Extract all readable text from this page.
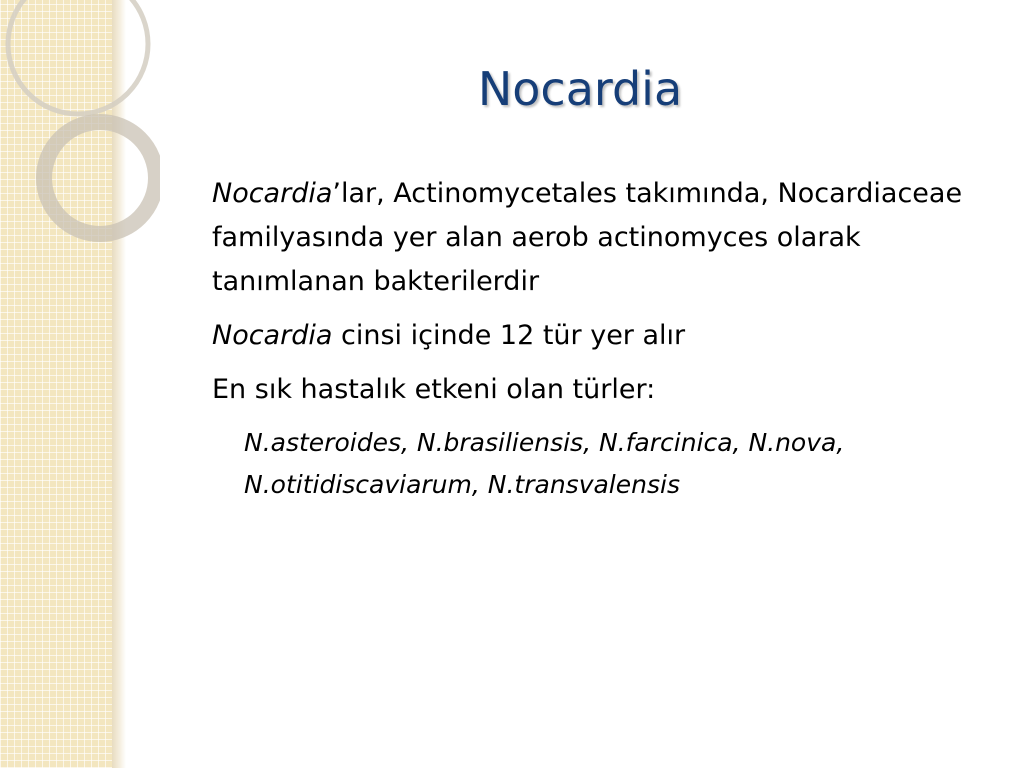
Nocardia

Nocardia’lar, Actinomycetales takımında, Nocardiaceae familyasında yer alan aerob actinomyces olarak tanımlanan bakterilerdir

Nocardia cinsi içinde 12 tür yer alır

En sık hastalık etkeni olan türler:

N.asteroides, N.brasiliensis, N.farcinica, N.nova, N.otitidiscaviarum, N.transvalensis
